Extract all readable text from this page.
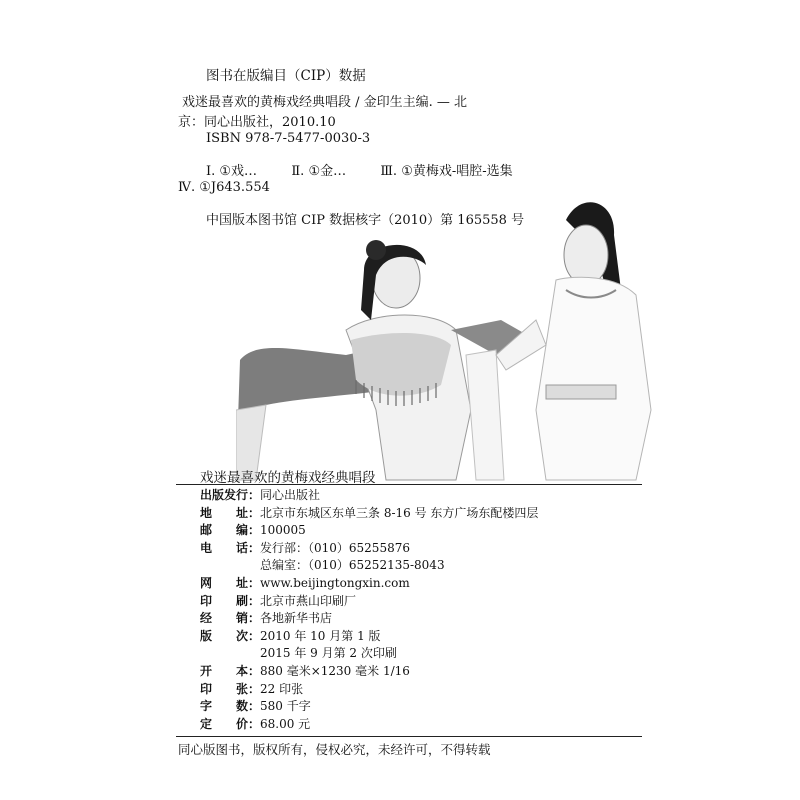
图书在版编目（CIP）数据
戏迷最喜欢的黄梅戏经典唱段 / 金印生主编. — 北
京：同心出版社，2010.10
ISBN 978-7-5477-0030-3
Ⅰ. ①戏…	Ⅱ. ①金…	Ⅲ. ①黄梅戏-唱腔-选集
Ⅳ. ①J643.554
中国版本图书馆 CIP 数据核字（2010）第 165558 号
戏迷最喜欢的黄梅戏经典唱段
出版发行：同心出版社
地　　址：北京市东城区东单三条 8-16 号 东方广场东配楼四层
邮　　编：100005
电　　话：发行部：（010）65255876
总编室：（010）65252135-8043
网　　址：www.beijingtongxin.com
印　　刷：北京市燕山印刷厂
经　　销：各地新华书店
版　　次：2010 年 10 月第 1 版
2015 年 9 月第 2 次印刷
开　　本：880 毫米×1230 毫米 1/16
印　　张：22 印张
字　　数：580 千字
定　　价：68.00 元
同心版图书，版权所有，侵权必究，未经许可，不得转载
